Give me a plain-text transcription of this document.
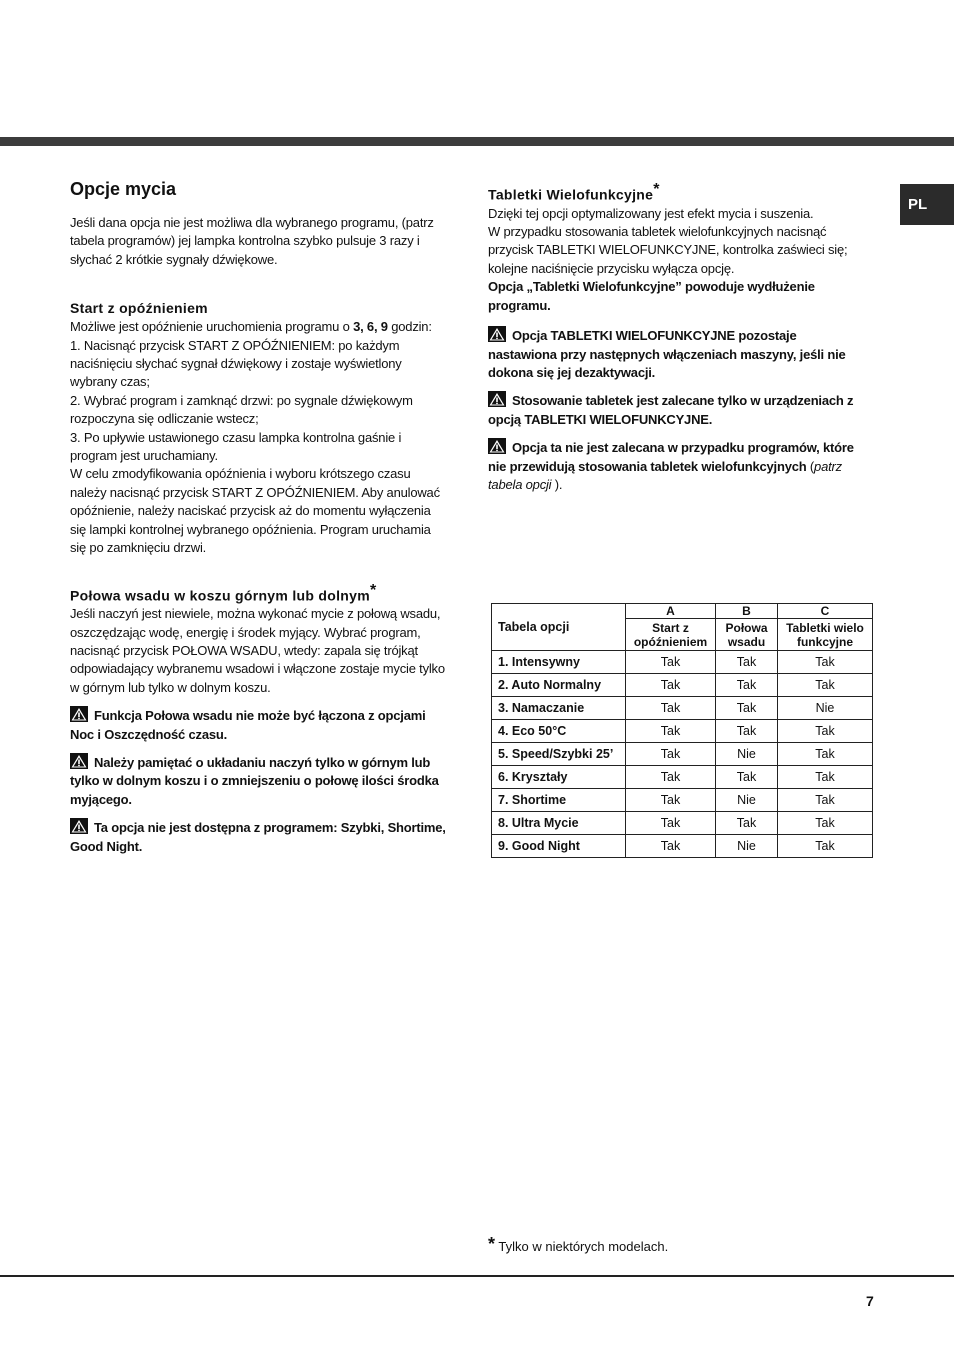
PL
Opcje mycia

Jeśli dana opcja nie jest możliwa dla wybranego programu, (patrz tabela programów) jej lampka kontrolna szybko pulsuje 3 razy i słychać 2 krótkie sygnały dźwiękowe.

Start z opóźnieniem

Możliwe jest opóźnienie uruchomienia programu o 3, 6, 9 godzin:

1. Nacisnąć przycisk START Z OPÓŹNIENIEM: po każdym naciśnięciu słychać sygnał dźwiękowy i zostaje wyświetlony wybrany czas;

2. Wybrać program i zamknąć drzwi: po sygnale dźwiękowym rozpoczyna się odliczanie wstecz;

3. Po upływie ustawionego czasu lampka kontrolna gaśnie i program jest uruchamiany.

W celu zmodyfikowania opóźnienia i wyboru krótszego czasu należy nacisnąć przycisk START Z OPÓŹNIENIEM. Aby anulować opóźnienie, należy naciskać przycisk aż do momentu wyłączenia się lampki kontrolnej wybranego opóźnienia. Program uruchamia się po zamknięciu drzwi.

Połowa wsadu w koszu górnym lub dolnym*

Jeśli naczyń jest niewiele, można wykonać mycie z połową wsadu, oszczędzając wodę, energię i środek myjący. Wybrać program, nacisnąć przycisk POŁOWA WSADU, wtedy: zapala się trójkąt odpowiadający wybranemu wsadowi i włączone zostaje mycie tylko w górnym lub tylko w dolnym koszu.

Funkcja Połowa wsadu nie może być łączona z opcjami Noc i Oszczędność czasu.

Należy pamiętać o układaniu naczyń tylko w górnym lub tylko w dolnym koszu i o zmniejszeniu o połowę ilości środka myjącego.

Ta opcja nie jest dostępna z programem: Szybki, Shortime, Good Night.

Tabletki Wielofunkcyjne*

Dzięki tej opcji optymalizowany jest efekt mycia i suszenia.

W przypadku stosowania tabletek wielofunkcyjnych nacisnąć przycisk TABLETKI WIELOFUNKCYJNE, kontrolka zaświeci się; kolejne naciśnięcie przycisku wyłącza opcję.

Opcja „Tabletki Wielofunkcyjne” powoduje wydłużenie programu.

Opcja TABLETKI WIELOFUNKCYJNE pozostaje nastawiona przy następnych włączeniach maszyny, jeśli nie dokona się jej dezaktywacji.

Stosowanie tabletek jest zalecane tylko w urządzeniach z opcją TABLETKI WIELOFUNKCYJNE.

Opcja ta nie jest zalecana w przypadku programów, które nie przewidują stosowania tabletek wielofunkcyjnych (patrz tabela opcji ).

Tabela opcji	A	B	C
	Start z opóźnieniem	Połowa wsadu	Tabletki wielo funkcyjne
1. Intensywny	Tak	Tak	Tak
2. Auto Normalny	Tak	Tak	Tak
3. Namaczanie	Tak	Tak	Nie
4. Eco 50°C	Tak	Tak	Tak
5. Speed/Szybki 25’	Tak	Nie	Tak
6. Kryształy	Tak	Tak	Tak
7. Shortime	Tak	Nie	Tak
8. Ultra Mycie	Tak	Tak	Tak
9. Good Night	Tak	Nie	Tak
* Tylko w niektórych modelach.
7
